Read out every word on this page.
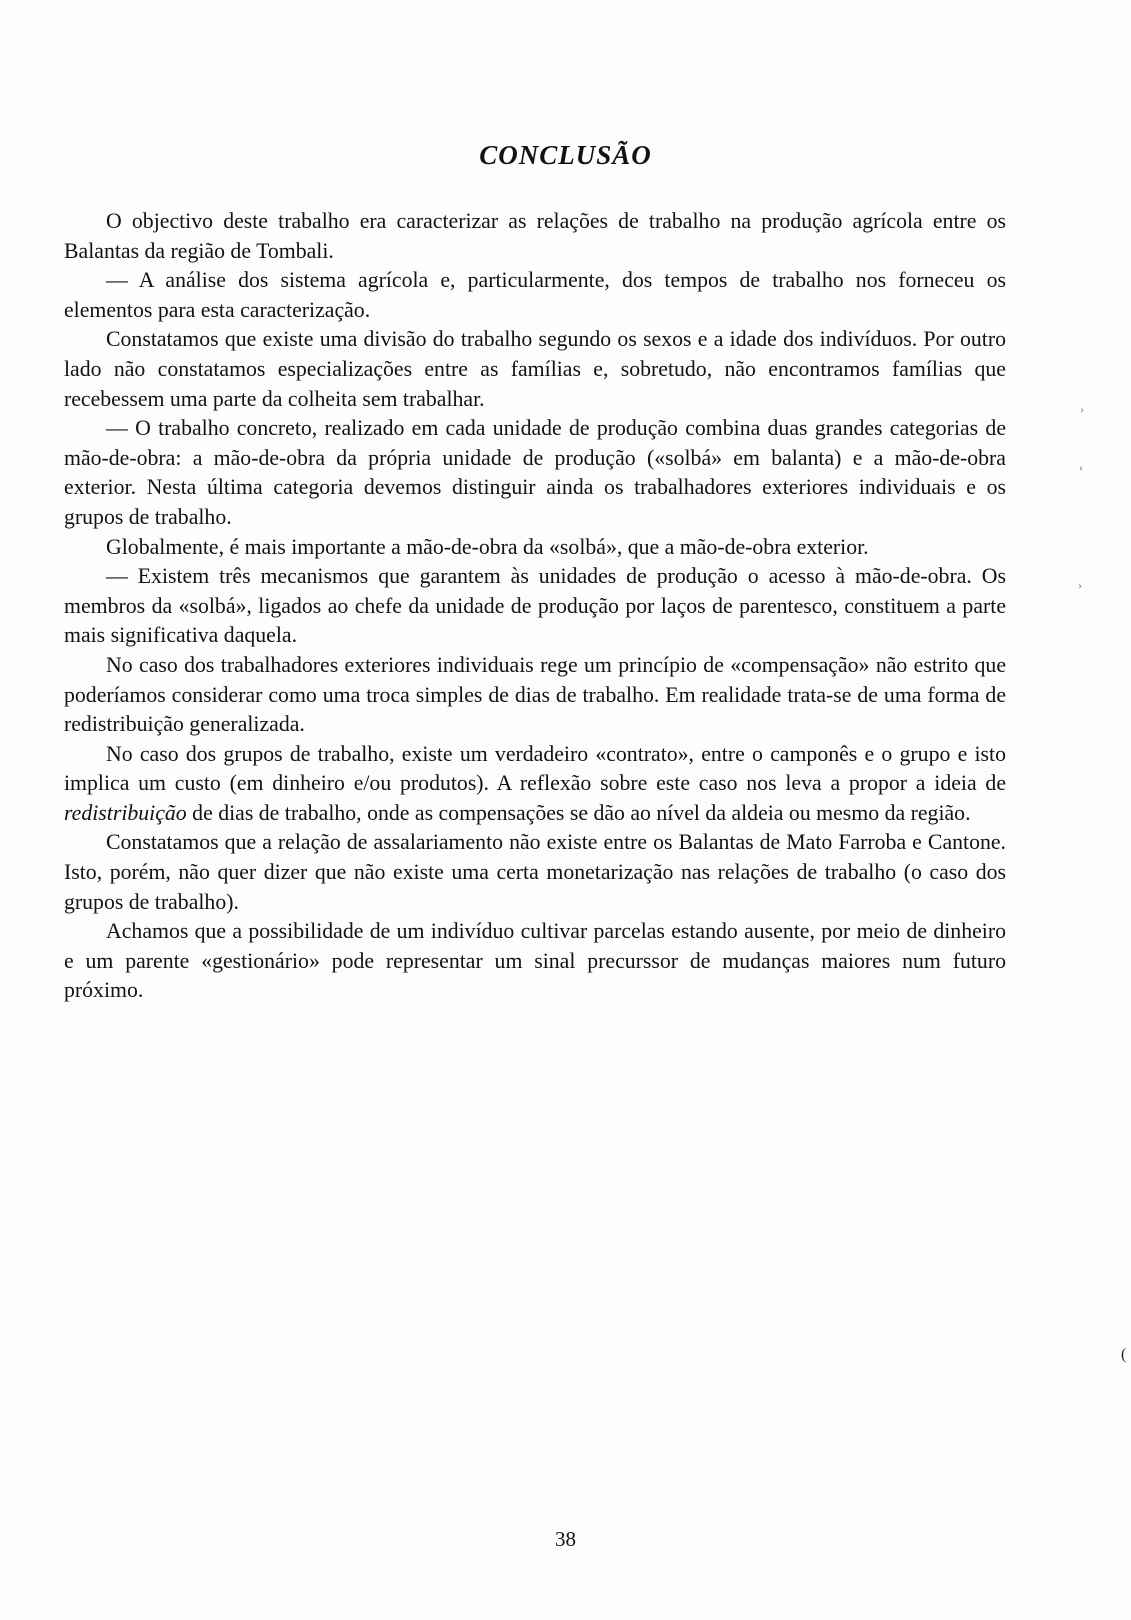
CONCLUSÃO

O objectivo deste trabalho era caracterizar as relações de trabalho na produção agrícola entre os Balantas da região de Tombali.

— A análise dos sistema agrícola e, particularmente, dos tempos de trabalho nos forneceu os elementos para esta caracterização.

Constatamos que existe uma divisão do trabalho segundo os sexos e a idade dos indivíduos. Por outro lado não constatamos especializações entre as famílias e, sobretudo, não encontramos famílias que recebessem uma parte da colheita sem trabalhar.

— O trabalho concreto, realizado em cada unidade de produção combina duas grandes categorias de mão-de-obra: a mão-de-obra da própria unidade de produção («solbá» em balanta) e a mão-de-obra exterior. Nesta última categoria devemos distinguir ainda os trabalhadores exteriores individuais e os grupos de trabalho.

Globalmente, é mais importante a mão-de-obra da «solbá», que a mão-de-obra exterior.

— Existem três mecanismos que garantem às unidades de produção o acesso à mão-de-obra. Os membros da «solbá», ligados ao chefe da unidade de produção por laços de parentesco, constituem a parte mais significativa daquela.

No caso dos trabalhadores exteriores individuais rege um princípio de «compensação» não estrito que poderíamos considerar como uma troca simples de dias de trabalho. Em realidade trata-se de uma forma de redistribuição generalizada.

No caso dos grupos de trabalho, existe um verdadeiro «contrato», entre o camponês e o grupo e isto implica um custo (em dinheiro e/ou produtos). A reflexão sobre este caso nos leva a propor a ideia de redistribuição de dias de trabalho, onde as compensações se dão ao nível da aldeia ou mesmo da região.

Constatamos que a relação de assalariamento não existe entre os Balantas de Mato Farroba e Cantone. Isto, porém, não quer dizer que não existe uma certa monetarização nas relações de trabalho (o caso dos grupos de trabalho).

Achamos que a possibilidade de um indivíduo cultivar parcelas estando ausente, por meio de dinheiro e um parente «gestionário» pode representar um sinal precurssor de mudanças maiores num futuro próximo.

38

›
‹
›
(
